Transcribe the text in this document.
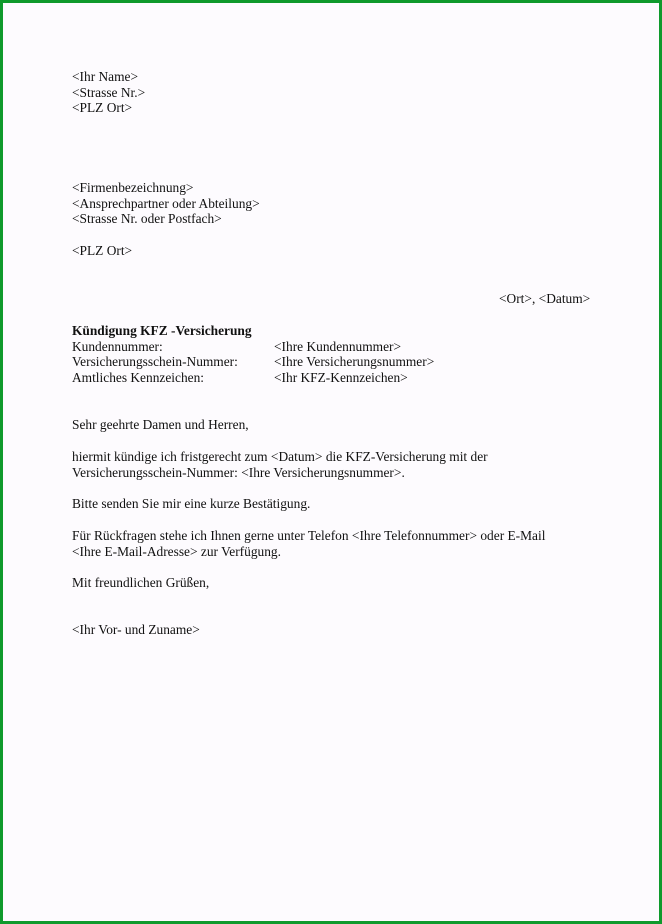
<Ihr Name>
<Strasse Nr.>
<PLZ Ort>
<Firmenbezeichnung>
<Ansprechpartner oder Abteilung>
<Strasse Nr. oder Postfach>
<PLZ Ort>
<Ort>, <Datum>
Kündigung KFZ -Versicherung
Kundennummer:	<Ihre Kundennummer>
Versicherungsschein-Nummer:	<Ihre Versicherungsnummer>
Amtliches Kennzeichen:	<Ihr KFZ-Kennzeichen>
Sehr geehrte Damen und Herren,
hiermit kündige ich fristgerecht zum <Datum> die KFZ-Versicherung mit der
Versicherungsschein-Nummer: <Ihre Versicherungsnummer>.
Bitte senden Sie mir eine kurze Bestätigung.
Für Rückfragen stehe ich Ihnen gerne unter Telefon <Ihre Telefonnummer> oder E-Mail
<Ihre E-Mail-Adresse> zur Verfügung.
Mit freundlichen Grüßen,
<Ihr Vor- und Zuname>
